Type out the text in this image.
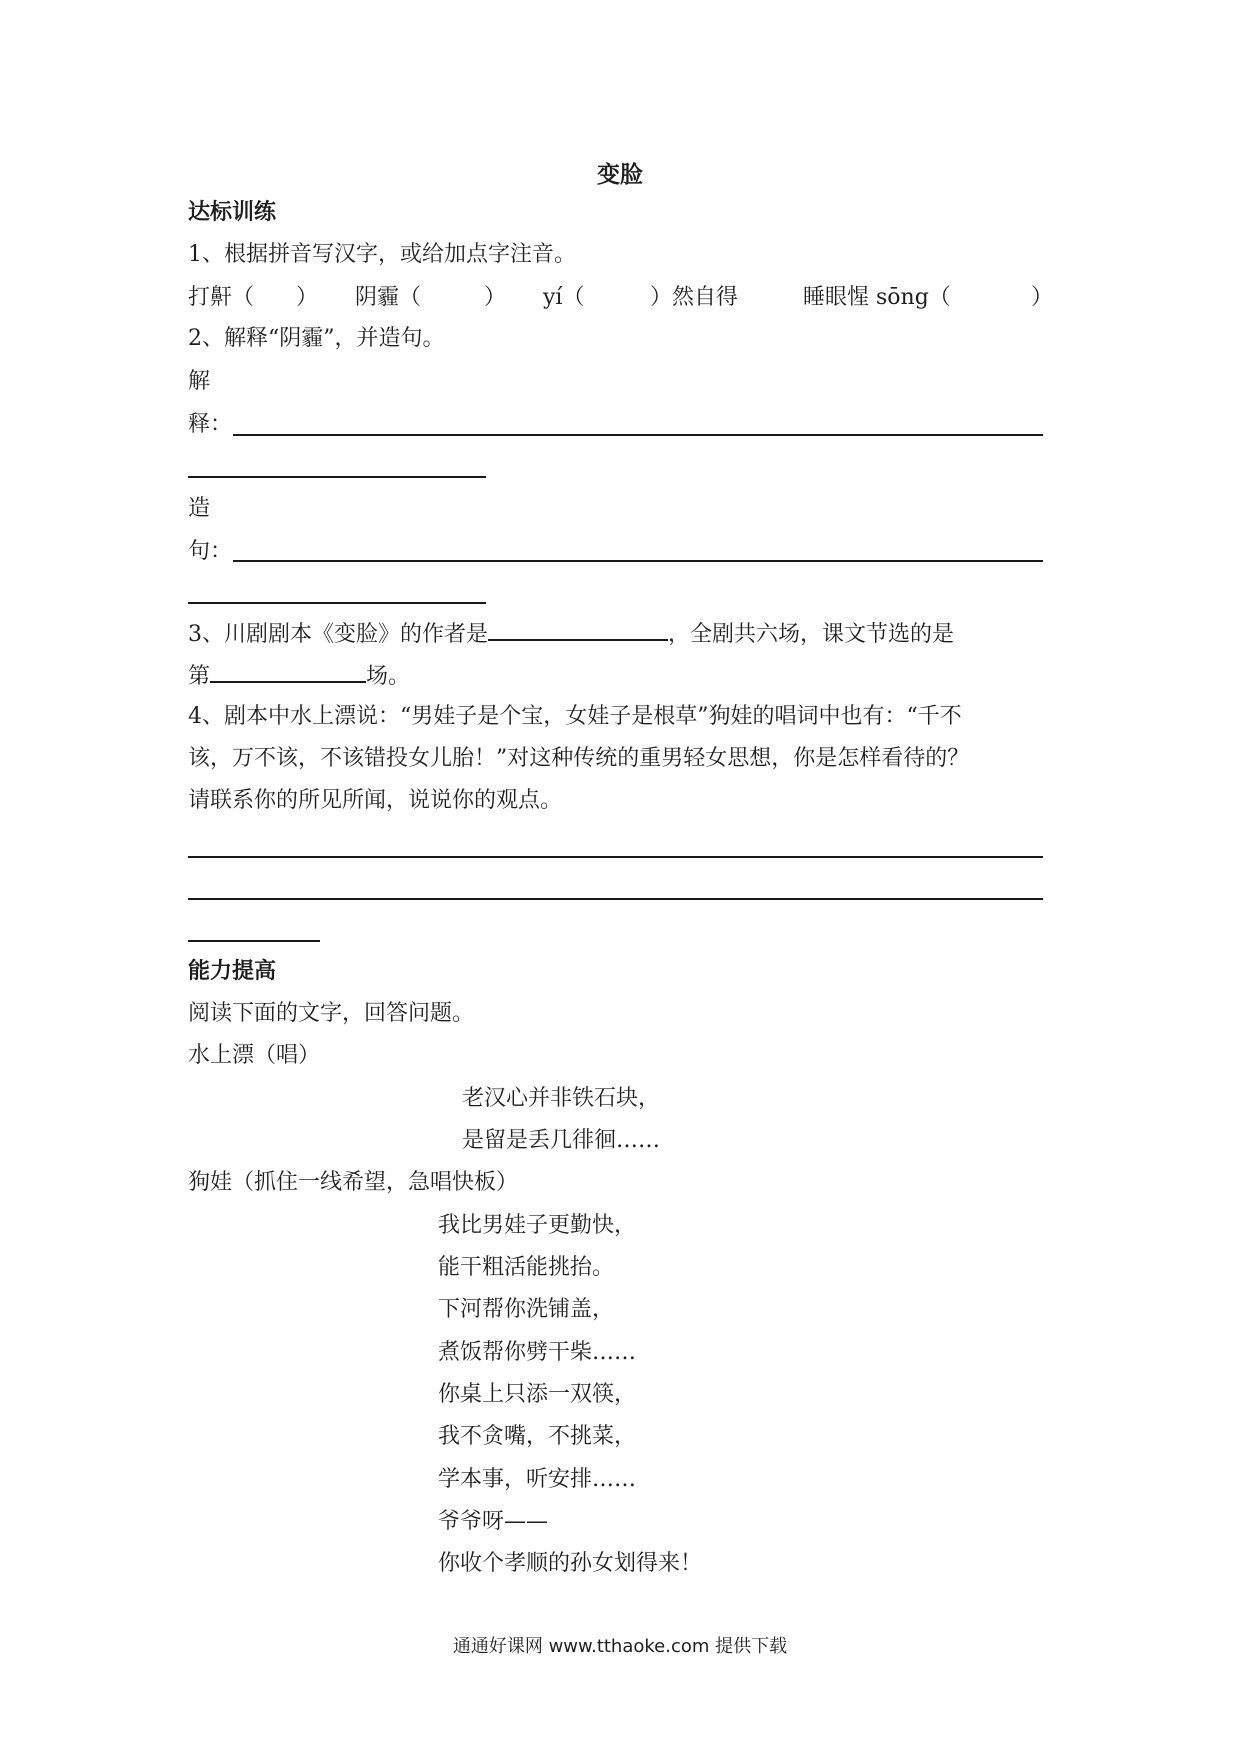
变脸
达标训练
1、根据拼音写汉字，或给加点字注音。
打鼾（ ） 阴霾（	） yí（	）然自得	睡眼惺 sōng（	）
2、解释“阴霾”，并造句。
解
释：
造
句：
3、川剧剧本《变脸》的作者是	，全剧共六场，课文节选的是
第	场。
4、剧本中水上漂说：“男娃子是个宝，女娃子是根草”狗娃的唱词中也有：“千不
该，万不该，不该错投女儿胎！”对这种传统的重男轻女思想，你是怎样看待的？
请联系你的所见所闻，说说你的观点。
能力提高
阅读下面的文字，回答问题。
水上漂（唱）
老汉心并非铁石块，
是留是丢几徘徊……
狗娃（抓住一线希望，急唱快板）
我比男娃子更勤快，
能干粗活能挑抬。
下河帮你洗铺盖，
煮饭帮你劈干柴……
你桌上只添一双筷，
我不贪嘴，不挑菜，
学本事，听安排……
爷爷呀——
你收个孝顺的孙女划得来！
通通好课网 www.tthaoke.com 提供下载
